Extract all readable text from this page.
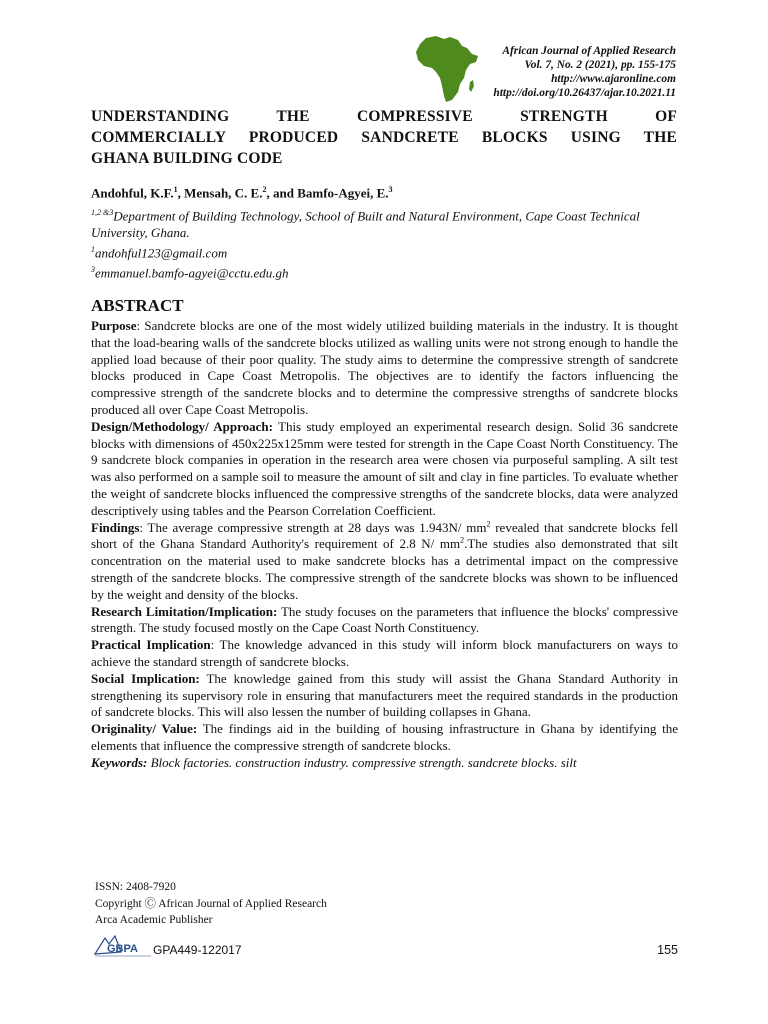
African Journal of Applied Research
Vol. 7, No. 2 (2021), pp. 155-175
http://www.ajaronline.com
http://doi.org/10.26437/ajar.10.2021.11
UNDERSTANDING THE COMPRESSIVE STRENGTH OF
COMMERCIALLY PRODUCED SANDCRETE BLOCKS USING THE
GHANA BUILDING CODE
Andohful, K.F.$^1$, Mensah, C. E.$^2$, and Bamfo-Agyei, E.$^3$
$^{1,2 \&3}$Department of Building Technology, School of Built and Natural Environment, Cape Coast Technical University, Ghana.
$^1$andohful123@gmail.com
$^3$emmanuel.bamfo-agyei@cctu.edu.gh
ABSTRACT

Purpose: Sandcrete blocks are one of the most widely utilized building materials in the industry. It is thought that the load-bearing walls of the sandcrete blocks utilized as walling units were not strong enough to handle the applied load because of their poor quality. The study aims to determine the compressive strength of sandcrete blocks produced in Cape Coast Metropolis. The objectives are to identify the factors influencing the compressive strength of the sandcrete blocks and to determine the compressive strengths of sandcrete blocks produced all over Cape Coast Metropolis.

Design/Methodology/ Approach: This study employed an experimental research design. Solid 36 sandcrete blocks with dimensions of 450x225x125mm were tested for strength in the Cape Coast North Constituency. The 9 sandcrete block companies in operation in the research area were chosen via purposeful sampling. A silt test was also performed on a sample soil to measure the amount of silt and clay in fine particles. To evaluate whether the weight of sandcrete blocks influenced the compressive strengths of the sandcrete blocks, data were analyzed descriptively using tables and the Pearson Correlation Coefficient.

Findings: The average compressive strength at 28 days was 1.943N/ $mm^2$ revealed that sandcrete blocks fell short of the Ghana Standard Authority's requirement of 2.8 N/ $mm^2.The$ studies also demonstrated that silt concentration on the material used to make sandcrete blocks has a detrimental impact on the compressive strength of the sandcrete blocks. The compressive strength of the sandcrete blocks was shown to be influenced by the weight and density of the blocks.

Research Limitation/Implication: The study focuses on the parameters that influence the blocks' compressive strength. The study focused mostly on the Cape Coast North Constituency.

Practical Implication: The knowledge advanced in this study will inform block manufacturers on ways to achieve the standard strength of sandcrete blocks.

Social Implication: The knowledge gained from this study will assist the Ghana Standard Authority in strengthening its supervisory role in ensuring that manufacturers meet the required standards in the production of sandcrete blocks. This will also lessen the number of building collapses in Ghana.

Originality/ Value: The findings aid in the building of housing infrastructure in Ghana by identifying the elements that influence the compressive strength of sandcrete blocks.

Keywords: Block factories. construction industry. compressive strength. sandcrete blocks. silt

ISSN: 2408-7920
Copyright Ⓒ African Journal of Applied Research
Arca Academic Publisher
GBPA GPA449-122017	155
